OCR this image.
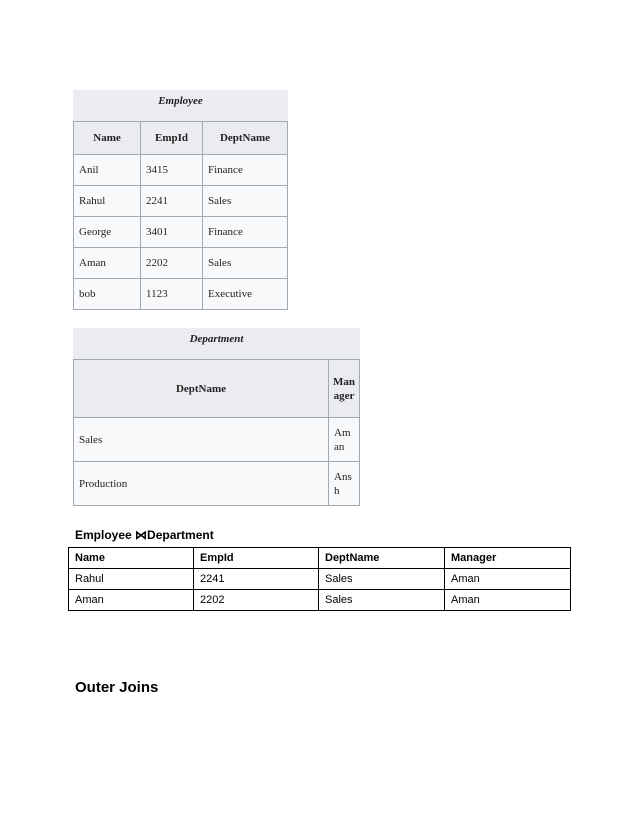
Employee
Name	EmpId	DeptName
Anil	3415	Finance
Rahul	2241	Sales
George	3401	Finance
Aman	2202	Sales
bob	1123	Executive
Department
DeptName	Manager
Sales	Aman
Production	Ansh

Employee ⋈Department

Name	EmpId	DeptName	Manager
Rahul	2241	Sales	Aman
Aman	2202	Sales	Aman
Outer Joins
